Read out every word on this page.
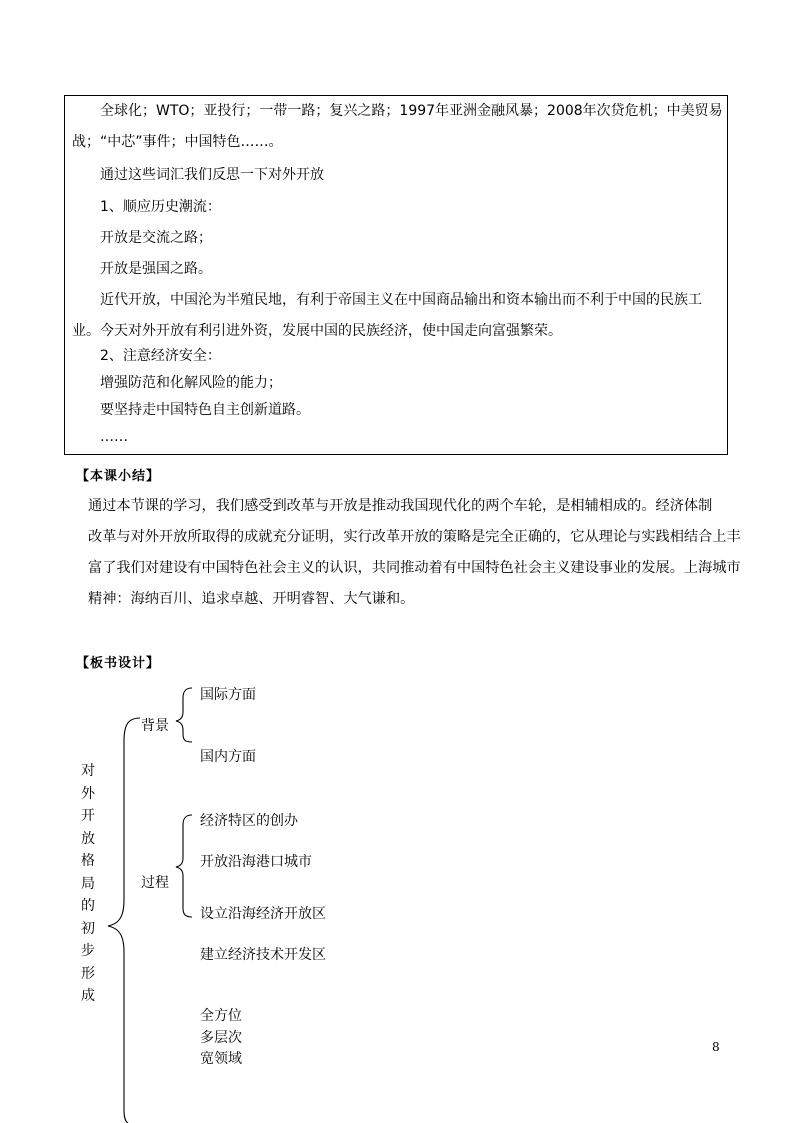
全球化；WTO；亚投行；一带一路；复兴之路；1997年亚洲金融风暴；2008年次贷危机；中美贸易
战；“中芯”事件；中国特色……。
通过这些词汇我们反思一下对外开放
1、顺应历史潮流：
开放是交流之路；
开放是强国之路。
近代开放，中国沦为半殖民地，有利于帝国主义在中国商品输出和资本输出而不利于中国的民族工
业。今天对外开放有利引进外资，发展中国的民族经济，使中国走向富强繁荣。
2、注意经济安全：
增强防范和化解风险的能力；
要坚持走中国特色自主创新道路。
……
【本课小结】
通过本节课的学习，我们感受到改革与开放是推动我国现代化的两个车轮，是相辅相成的。经济体制
改革与对外开放所取得的成就充分证明，实行改革开放的策略是完全正确的，它从理论与实践相结合上丰
富了我们对建设有中国特色社会主义的认识，共同推动着有中国特色社会主义建设事业的发展。上海城市
精神：海纳百川、追求卓越、开明睿智、大气谦和。
【板书设计】
对
外
开
放
格
局
的
初
步
形
成
背景
国际方面
国内方面
过程
经济特区的创办
开放沿海港口城市
设立沿海经济开放区
建立经济技术开发区
全方位
多层次
宽领域
8
